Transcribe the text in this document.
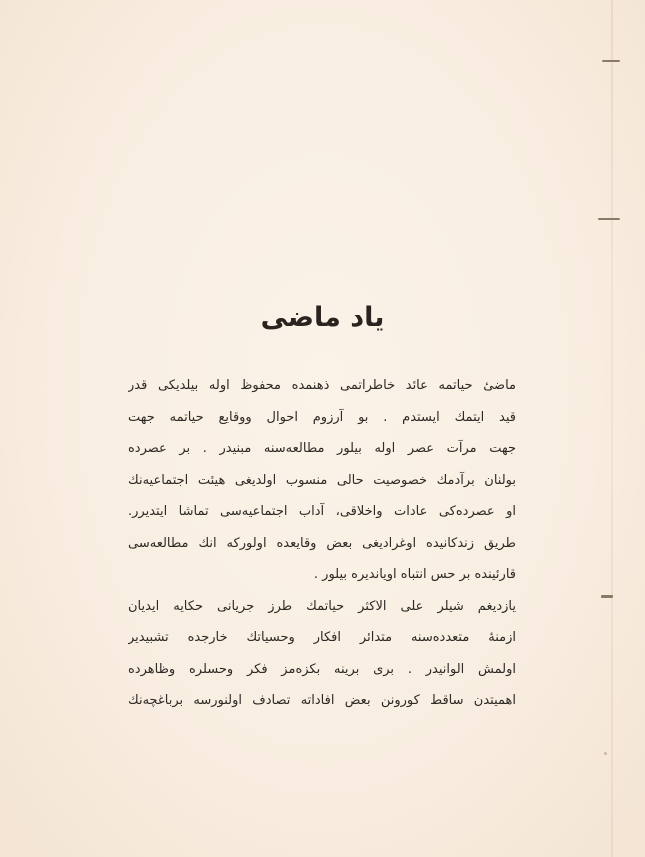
یاد ماضی
ماضیٔ حیاتمه عائد خاطراتمی ذهنمده محفوظ اوله بیلدیکی قدر
قید ایتمك ایستدم . بو آرزوم احوال ووقایع حیاتمه جهت
جهت مرآت عصر اوله بیلور مطالعه‌سنه مبنیدر . بر عصرده
بولنان برآدمك خصوصیت حالی منسوب اولدیغی هیئت اجتماعیه‌نك
او عصرده‌کی عادات واخلاقی، آداب اجتماعیه‌سی تماشا ایتدیرر.
طریق زندکانیده اوغرادیغی بعض وقایعده اولورکه انك مطالعه‌سی
قارئینده بر حس انتباه اویاندیره بیلور .
یازدیغم شیلر علی الاکثر حیاتمك طرز جریانی حکایه ایدیان
ازمنهٔ متعدده‌سنه متدائر افکار وحسیاتك خارجده تشبیدیر
اولمش الوانیدر . بری برینه بکزه‌مز فکر وحسلره وظاهرده
اهمیتدن ساقط کورونن بعض افاداته تصادف اولنورسه برباغچه‌نك
